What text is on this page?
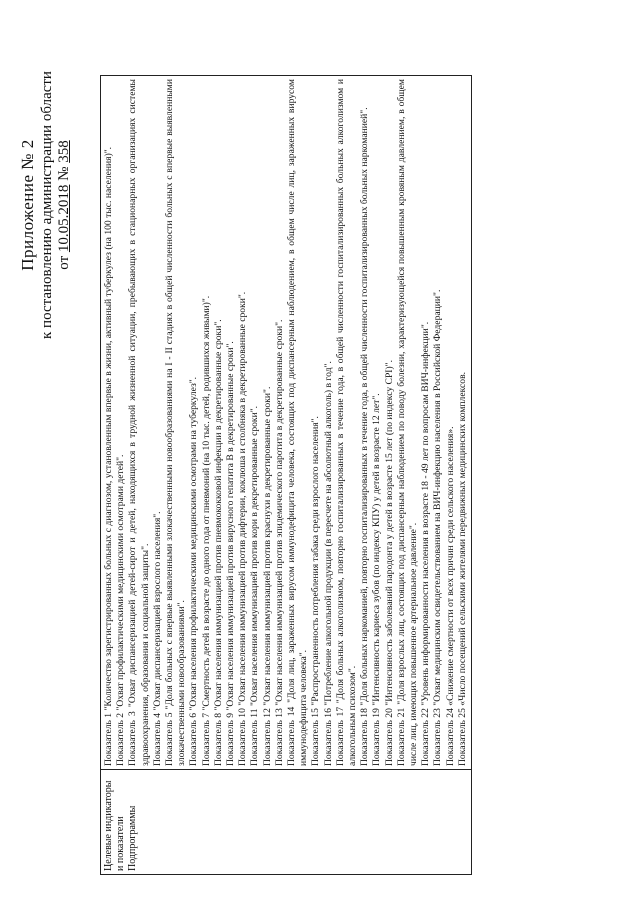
Приложение № 2 к постановлению администрации области от 10.05.2018 № 358
Целевые индикаторы и показатели Подпрограммы	

Показатель 1 "Количество зарегистрированных больных с диагнозом, установленным впервые в жизни, активный туберкулез (на 100 тыс. населения)". Показатель 2 "Охват профилактическими медицинскими осмотрами детей". Показатель 3 "Охват диспансеризацией детей-сирот и детей, находящихся в трудной жизненной ситуации, пребывающих в стационарных организациях системы здравоохранения, образования и социальной защиты". Показатель 4 "Охват диспансеризацией взрослого населения". Показатель 5 "Доля больных с впервые выявленными злокачественными новообразованиями на I - II стадиях в общей численности больных с впервые выявленными злокачественными новообразованиями". Показатель 6 "Охват населения профилактическими медицинскими осмотрами на туберкулез". Показатель 7 "Смертность детей в возрасте до одного года от пневмоний (на 10 тыс. детей, родившихся живыми)". Показатель 8 "Охват населения иммунизацией против пневмококковой инфекции в декретированные сроки". Показатель 9 "Охват населения иммунизацией против вирусного гепатита В в декретированные сроки". Показатель 10 "Охват населения иммунизацией против дифтерии, коклюша и столбняка в декретированные сроки". Показатель 11 "Охват населения иммунизацией против кори в декретированные сроки". Показатель 12 "Охват населения иммунизацией против краснухи в декретированные сроки". Показатель 13 "Охват населения иммунизацией против эпидемического паротита в декретированные сроки". Показатель 14 "Доля лиц, зараженных вирусом иммунодефицита человека, состоящих под диспансерным наблюдением, в общем числе лиц, зараженных вирусом иммунодефицита человека". Показатель 15 "Распространенность потребления табака среди взрослого населения". Показатель 16 "Потребление алкогольной продукции (в пересчете на абсолютный алкоголь) в год". Показатель 17 "Доля больных алкоголизмом, повторно госпитализированных в течение года, в общей численности госпитализированных больных алкоголизмом и алкогольным психозом". Показатель 18 "Доля больных наркоманией, повторно госпитализированных в течение года, в общей численности госпитализированных больных наркоманией". Показатель 19 "Интенсивность кариеса зубов (по индексу КПУ) у детей в возрасте 12 лет". Показатель 20 "Интенсивность заболеваний пародонта у детей в возрасте 15 лет (по индексу СРІ)". Показатель 21 "Доля взрослых лиц, состоящих под диспансерным наблюдением по поводу болезни, характеризующейся повышенным кровяным давлением, в общем числе лиц, имеющих повышенное артериальное давление". Показатель 22 "Уровень информированности населения в возрасте 18 - 49 лет по вопросам ВИЧ-инфекции". Показатель 23 "Охват медицинским освидетельствованием на ВИЧ-инфекцию населения в Российской Федерации". Показатель 24 «Снижение смертности от всех причин среди сельского населения». Показатель 25 «Число посещений сельскими жителями передвижных медицинских комплексов.
